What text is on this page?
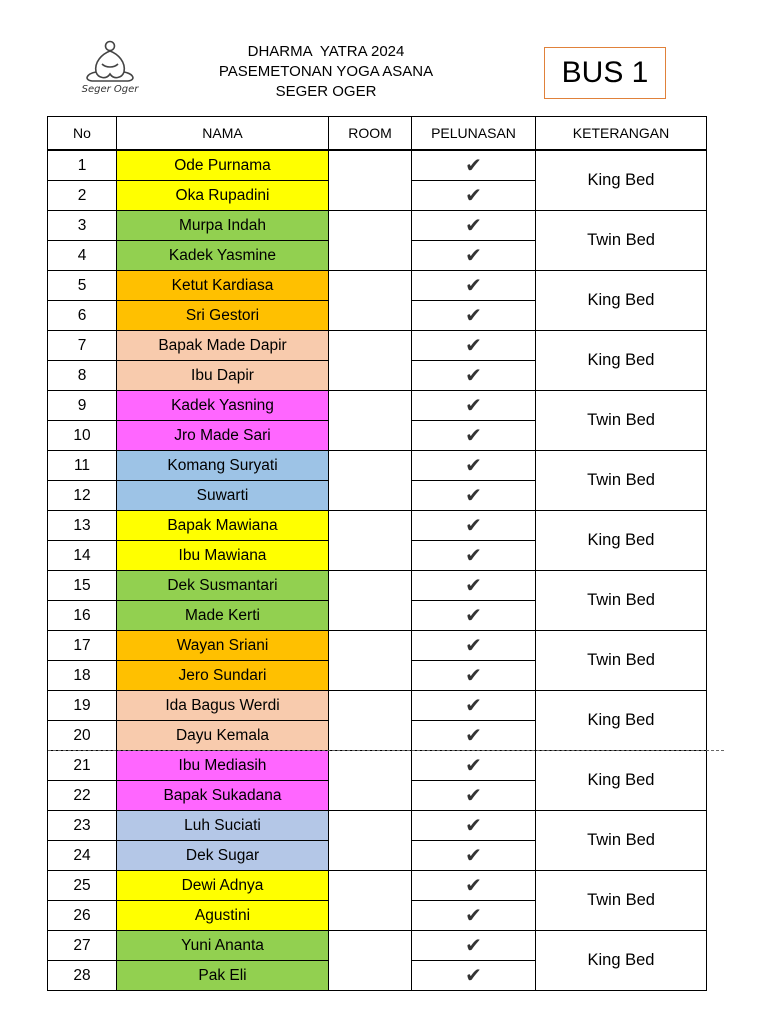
Seger Oger
DHARMA  YATRA 2024
PASEMETONAN YOGA ASANA
SEGER OGER
BUS 1
No	NAMA	ROOM	PELUNASAN	KETERANGAN
1	Ode Purnama		✔	King Bed
2	Oka Rupadini		✔	
3	Murpa Indah		✔	Twin Bed
4	Kadek Yasmine		✔	
5	Ketut Kardiasa		✔	King Bed
6	Sri Gestori		✔	
7	Bapak Made Dapir		✔	King Bed
8	Ibu Dapir		✔	
9	Kadek Yasning		✔	Twin Bed
10	Jro Made Sari		✔	
11	Komang Suryati		✔	Twin Bed
12	Suwarti		✔	
13	Bapak Mawiana		✔	King Bed
14	Ibu Mawiana		✔	
15	Dek Susmantari		✔	Twin Bed
16	Made Kerti		✔	
17	Wayan Sriani		✔	Twin Bed
18	Jero Sundari		✔	
19	Ida Bagus Werdi		✔	King Bed
20	Dayu Kemala		✔	
21	Ibu Mediasih		✔	King Bed
22	Bapak Sukadana		✔	
23	Luh Suciati		✔	Twin Bed
24	Dek Sugar		✔	
25	Dewi Adnya		✔	Twin Bed
26	Agustini		✔	
27	Yuni Ananta		✔	King Bed
28	Pak Eli		✔	
